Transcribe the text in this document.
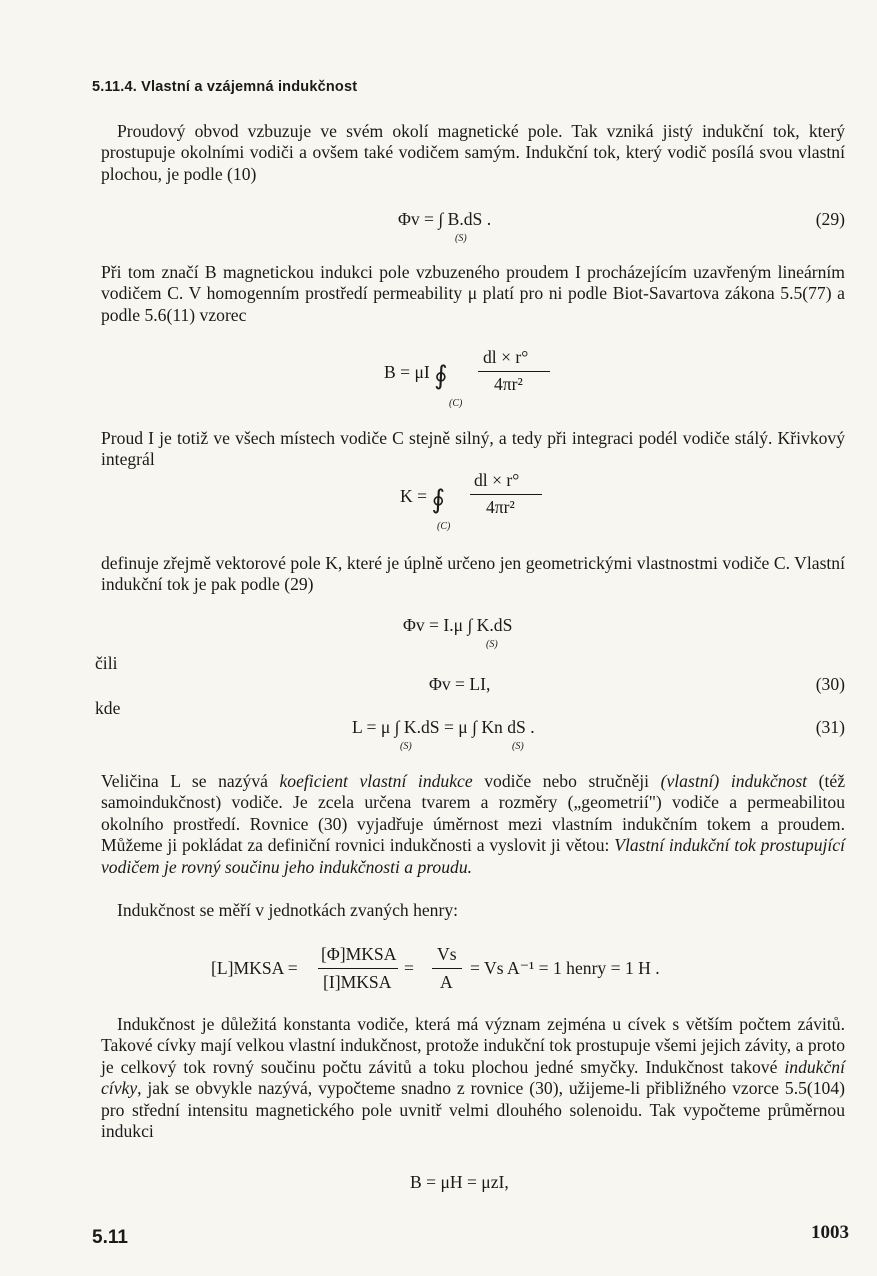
5.11.4. Vlastní a vzájemná indukčnost

Proudový obvod vzbuzuje ve svém okolí magnetické pole. Tak vzniká jistý indukční tok, který prostupuje okolními vodiči a ovšem také vodičem samým. Indukční tok, který vodič posílá svou vlastní plochou, je podle (10)

Φv = ∫ B.dS .
(S)
(29)

Při tom značí B magnetickou indukci pole vzbuzeného proudem I procházejícím uzavřeným lineárním vodičem C. V homogenním prostředí permeability μ platí pro ni podle Biot-Savartova zákona 5.5(77) a podle 5.6(11) vzorec

B = μI ∮
dl × r°
4πr²
(C)

Proud I je totiž ve všech místech vodiče C stejně silný, a tedy při integraci podél vodiče stálý. Křivkový integrál

K = ∮
dl × r°
4πr²
(C)

definuje zřejmě vektorové pole K, které je úplně určeno jen geometrickými vlastnostmi vodiče C. Vlastní indukční tok je pak podle (29)

Φv = I.μ ∫ K.dS
(S)
čili
Φv = LI,	(30)
kde
L = μ ∫ K.dS = μ ∫ Kn dS .
(S)	(S)
(31)

Veličina L se nazývá koeficient vlastní indukce vodiče nebo stručněji (vlastní) indukčnost (též samoindukčnost) vodiče. Je zcela určena tvarem a rozměry („geometrií") vodiče a permeabilitou okolního prostředí. Rovnice (30) vyjadřuje úměrnost mezi vlastním indukčním tokem a proudem. Můžeme ji pokládat za definiční rovnici indukčnosti a vyslovit ji větou: Vlastní indukční tok prostupující vodičem je rovný součinu jeho indukčnosti a proudu.

Indukčnost se měří v jednotkách zvaných henry:

[L]MKSA =
[Φ]MKSA
[I]MKSA
=
Vs
A
= Vs A⁻¹ = 1 henry = 1 H .

Indukčnost je důležitá konstanta vodiče, která má význam zejména u cívek s větším počtem závitů. Takové cívky mají velkou vlastní indukčnost, protože indukční tok prostupuje všemi jejich závity, a proto je celkový tok rovný součinu počtu závitů a toku plochou jedné smyčky. Indukčnost takové indukční cívky, jak se obvykle nazývá, vypočteme snadno z rovnice (30), užijeme-li přibližného vzorce 5.5(104) pro střední intensitu magnetického pole uvnitř velmi dlouhého solenoidu. Tak vypočteme průměrnou indukci

B = μH = μzI,
5.11	1003
